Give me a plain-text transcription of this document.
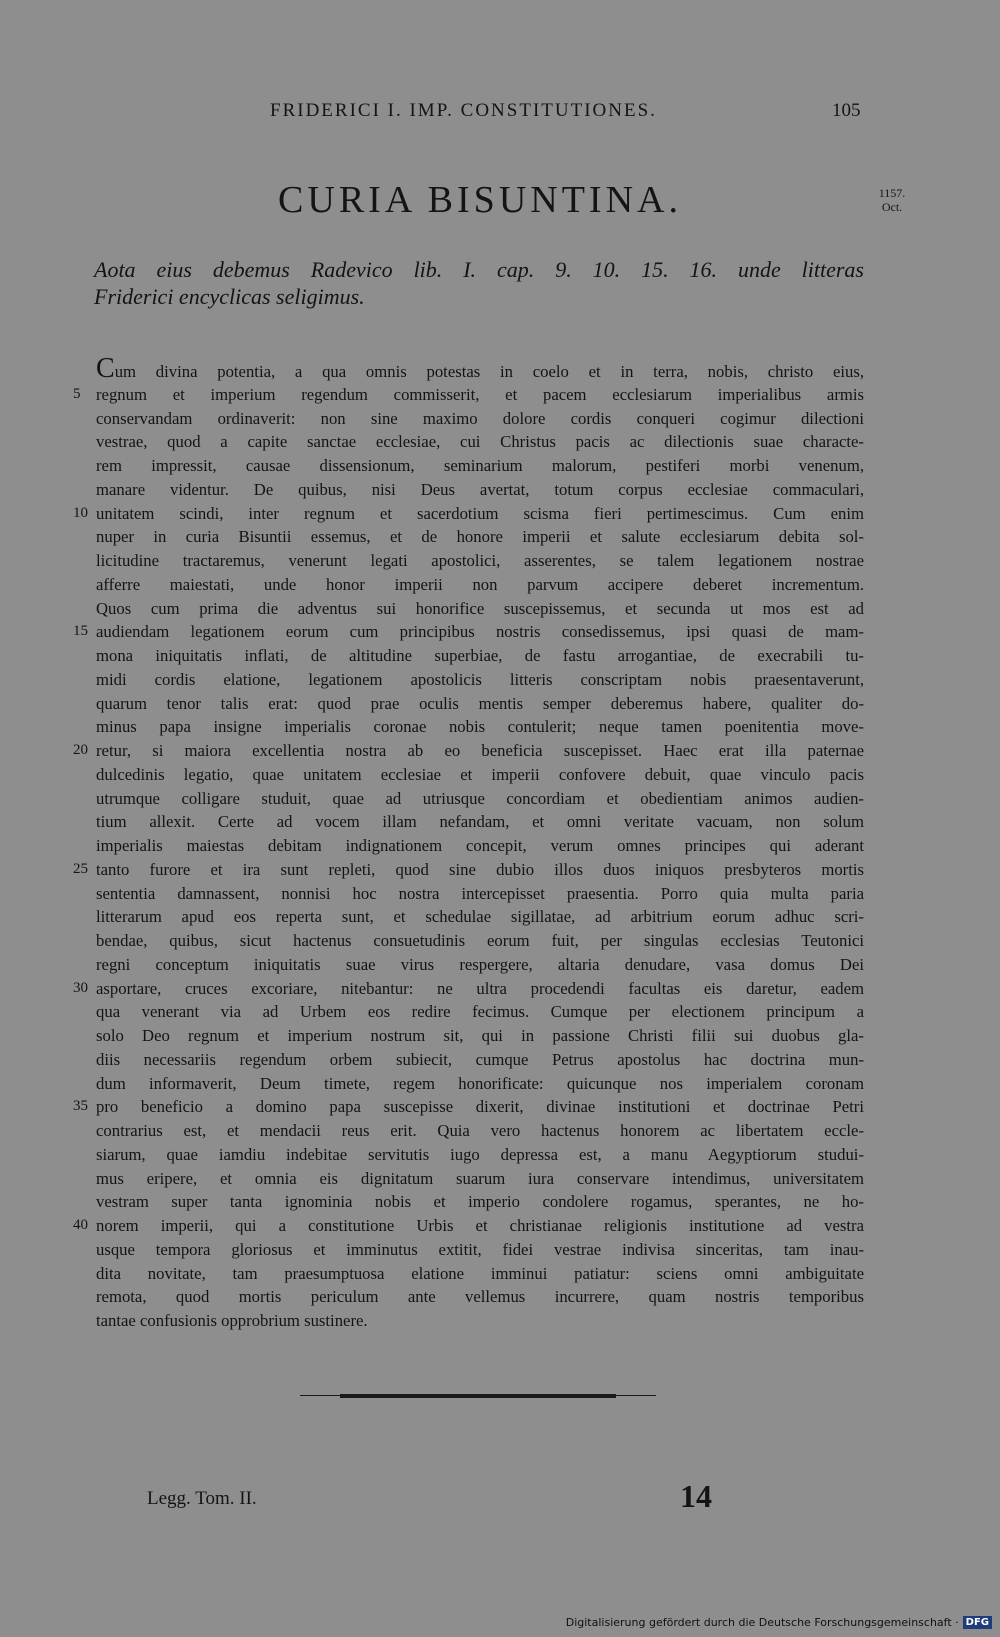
FRIDERICI I. IMP. CONSTITUTIONES.	105
CURIA BISUNTINA.	1157.
Oct.
Aota eius debemus Radevico lib. I. cap. 9. 10. 15. 16. unde litteras
Friderici encyclicas seligimus.
Cum divina potentia, a qua omnis potestas in coelo et in terra, nobis, christo eius,
5 regnum et imperium regendum commisserit, et pacem ecclesiarum imperialibus armis
conservandam ordinaverit: non sine maximo dolore cordis conqueri cogimur dilectioni
vestrae, quod a capite sanctae ecclesiae, cui Christus pacis ac dilectionis suae characte-
rem impressit, causae dissensionum, seminarium malorum, pestiferi morbi venenum,
manare videntur. De quibus, nisi Deus avertat, totum corpus ecclesiae commaculari,
10 unitatem scindi, inter regnum et sacerdotium scisma fieri pertimescimus. Cum enim
nuper in curia Bisuntii essemus, et de honore imperii et salute ecclesiarum debita sol-
licitudine tractaremus, venerunt legati apostolici, asserentes, se talem legationem nostrae
afferre maiestati, unde honor imperii non parvum accipere deberet incrementum.
Quos cum prima die adventus sui honorifice suscepissemus, et secunda ut mos est ad
15 audiendam legationem eorum cum principibus nostris consedissemus, ipsi quasi de mam-
mona iniquitatis inflati, de altitudine superbiae, de fastu arrogantiae, de execrabili tu-
midi cordis elatione, legationem apostolicis litteris conscriptam nobis praesentaverunt,
quarum tenor talis erat: quod prae oculis mentis semper deberemus habere, qualiter do-
minus papa insigne imperialis coronae nobis contulerit; neque tamen poenitentia move-
20 retur, si maiora excellentia nostra ab eo beneficia suscepisset. Haec erat illa paternae
dulcedinis legatio, quae unitatem ecclesiae et imperii confovere debuit, quae vinculo pacis
utrumque colligare studuit, quae ad utriusque concordiam et obedientiam animos audien-
tium allexit. Certe ad vocem illam nefandam, et omni veritate vacuam, non solum
imperialis maiestas debitam indignationem concepit, verum omnes principes qui aderant
25 tanto furore et ira sunt repleti, quod sine dubio illos duos iniquos presbyteros mortis
sententia damnassent, nonnisi hoc nostra intercepisset praesentia. Porro quia multa paria
litterarum apud eos reperta sunt, et schedulae sigillatae, ad arbitrium eorum adhuc scri-
bendae, quibus, sicut hactenus consuetudinis eorum fuit, per singulas ecclesias Teutonici
regni conceptum iniquitatis suae virus respergere, altaria denudare, vasa domus Dei
30 asportare, cruces excoriare, nitebantur: ne ultra procedendi facultas eis daretur, eadem
qua venerant via ad Urbem eos redire fecimus. Cumque per electionem principum a
solo Deo regnum et imperium nostrum sit, qui in passione Christi filii sui duobus gla-
diis necessariis regendum orbem subiecit, cumque Petrus apostolus hac doctrina mun-
dum informaverit, Deum timete, regem honorificate: quicunque nos imperialem coronam
35 pro beneficio a domino papa suscepisse dixerit, divinae institutioni et doctrinae Petri
contrarius est, et mendacii reus erit. Quia vero hactenus honorem ac libertatem eccle-
siarum, quae iamdiu indebitae servitutis iugo depressa est, a manu Aegyptiorum studui-
mus eripere, et omnia eis dignitatum suarum iura conservare intendimus, universitatem
vestram super tanta ignominia nobis et imperio condolere rogamus, sperantes, ne ho-
40 norem imperii, qui a constitutione Urbis et christianae religionis institutione ad vestra
usque tempora gloriosus et imminutus extitit, fidei vestrae indivisa sinceritas, tam inau-
dita novitate, tam praesumptuosa elatione imminui patiatur: sciens omni ambiguitate
remota, quod mortis periculum ante vellemus incurrere, quam nostris temporibus
tantae confusionis opprobrium sustinere.
Legg. Tom. II.	14
Digitalisierung gefördert durch die Deutsche Forschungsgemeinschaft · DFG
